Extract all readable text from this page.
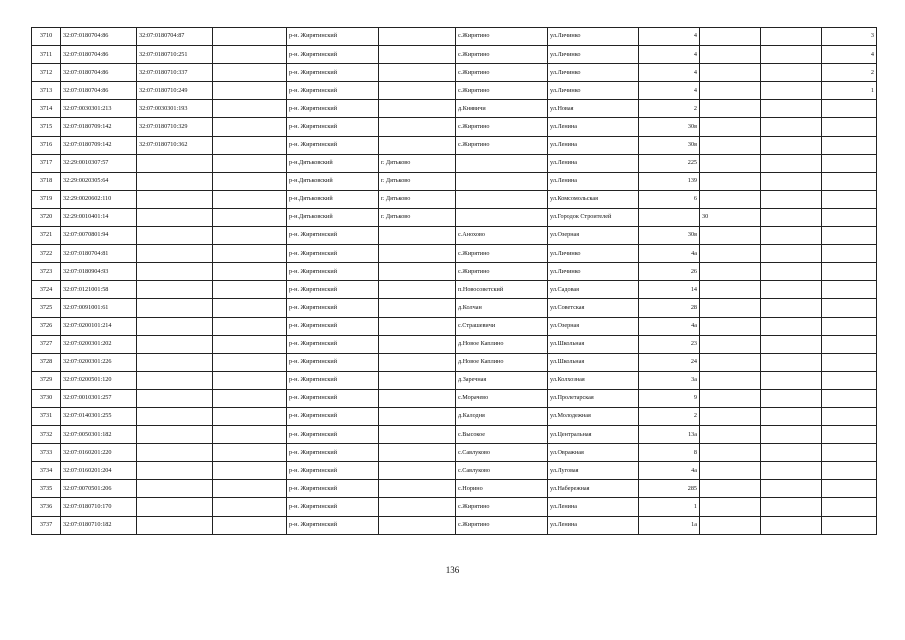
3710	32:07:0180704:86	32:07:0180704:87		р-н. Жирятинский		с.Жирятино	ул.Личинко	4			3
3711	32:07:0180704:86	32:07:0180710:251		р-н. Жирятинский		с.Жирятино	ул.Личинко	4			4
3712	32:07:0180704:86	32:07:0180710:337		р-н. Жирятинский		с.Жирятино	ул.Личинко	4			2
3713	32:07:0180704:86	32:07:0180710:249		р-н. Жирятинский		с.Жирятино	ул.Личинко	4			1
3714	32:07:0030301:213	32:07:0030301:193		р-н. Жирятинский		д.Княвичи	ул.Новая	2			
3715	32:07:0180709:142	32:07:0180710:329		р-н. Жирятинский		с.Жирятино	ул.Ленина	30в			
3716	32:07:0180709:142	32:07:0180710:362		р-н. Жирятинский		с.Жирятино	ул.Ленина	30в			
3717	32:29:0010307:57			р-н.Дятьковский	г. Дятьково		ул.Ленина	225			
3718	32:29:0020305:64			р-н.Дятьковский	г. Дятьково		ул.Ленина	139			
3719	32:29:0020602:110			р-н.Дятьковский	г. Дятьково		ул.Комсомольская	6			
3720	32:29:0010401:14			р-н.Дятьковский	г. Дятьково		ул.Городок Строителей		30		
3721	32:07:0070801:94			р-н. Жирятинский		с.Анохово	ул.Озерная	30в			
3722	32:07:0180704:81			р-н. Жирятинский		с.Жирятино	ул.Личинко	4а			
3723	32:07:0180904:93			р-н. Жирятинский		с.Жирятино	ул.Личинко	26			
3724	32:07:0121001:58			р-н. Жирятинский		п.Новосоветский	ул.Садовая	14			
3725	32:07:0091001:61			р-н. Жирятинский		д.Колчан	ул.Советская	28			
3726	32:07:0200101:214			р-н. Жирятинский		с.Страшевичи	ул.Озерная	4а			
3727	32:07:0200301:202			р-н. Жирятинский		д.Новое Каплино	ул.Школьная	23			
3728	32:07:0200301:226			р-н. Жирятинский		д.Новое Каплино	ул.Школьная	24			
3729	32:07:0200501:120			р-н. Жирятинский		д.Заречная	ул.Колхозная	3а			
3730	32:07:0010301:257			р-н. Жирятинский		с.Морачево	ул.Пролетарская	9			
3731	32:07:0140301:255			р-н. Жирятинский		д.Калодня	ул.Молодежная	2			
3732	32:07:0050301:182			р-н. Жирятинский		с.Высокое	ул.Центральная	13а			
3733	32:07:0160201:220			р-н. Жирятинский		с.Савлуково	ул.Овражная	8			
3734	32:07:0160201:204			р-н. Жирятинский		с.Савлуково	ул.Луговая	4а			
3735	32:07:0070501:206			р-н. Жирятинский		с.Норино	ул.Набережная	285			
3736	32:07:0180710:170			р-н. Жирятинский		с.Жирятино	ул.Ленина	1			
3737	32:07:0180710:182			р-н. Жирятинский		с.Жирятино	ул.Ленина	1а			
136
